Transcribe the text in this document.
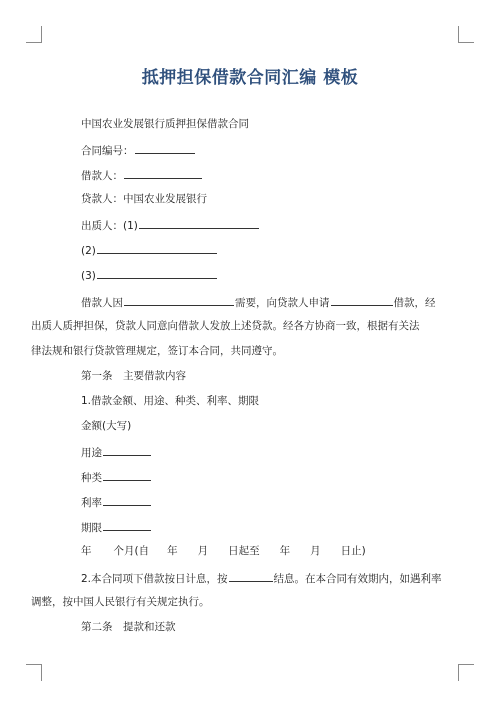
抵押担保借款合同汇编 模板
中国农业发展银行质押担保借款合同
合同编号：
借款人：
贷款人：中国农业发展银行
出质人：(1)
(2)
(3)
借款人因	需要，向贷款人申请	借款，经
出质人质押担保，贷款人同意向借款人发放上述贷款。经各方协商一致，根据有关法
律法规和银行贷款管理规定，签订本合同，共同遵守。
第一条　主要借款内容
1.借款金额、用途、种类、利率、期限
金额(大写)
用途
种类
利率
期限
年 个月(自 年 月 日起至 年 月 日止)
2.本合同项下借款按日计息，按	结息。在本合同有效期内，如遇利率
调整，按中国人民银行有关规定执行。
第二条　提款和还款
